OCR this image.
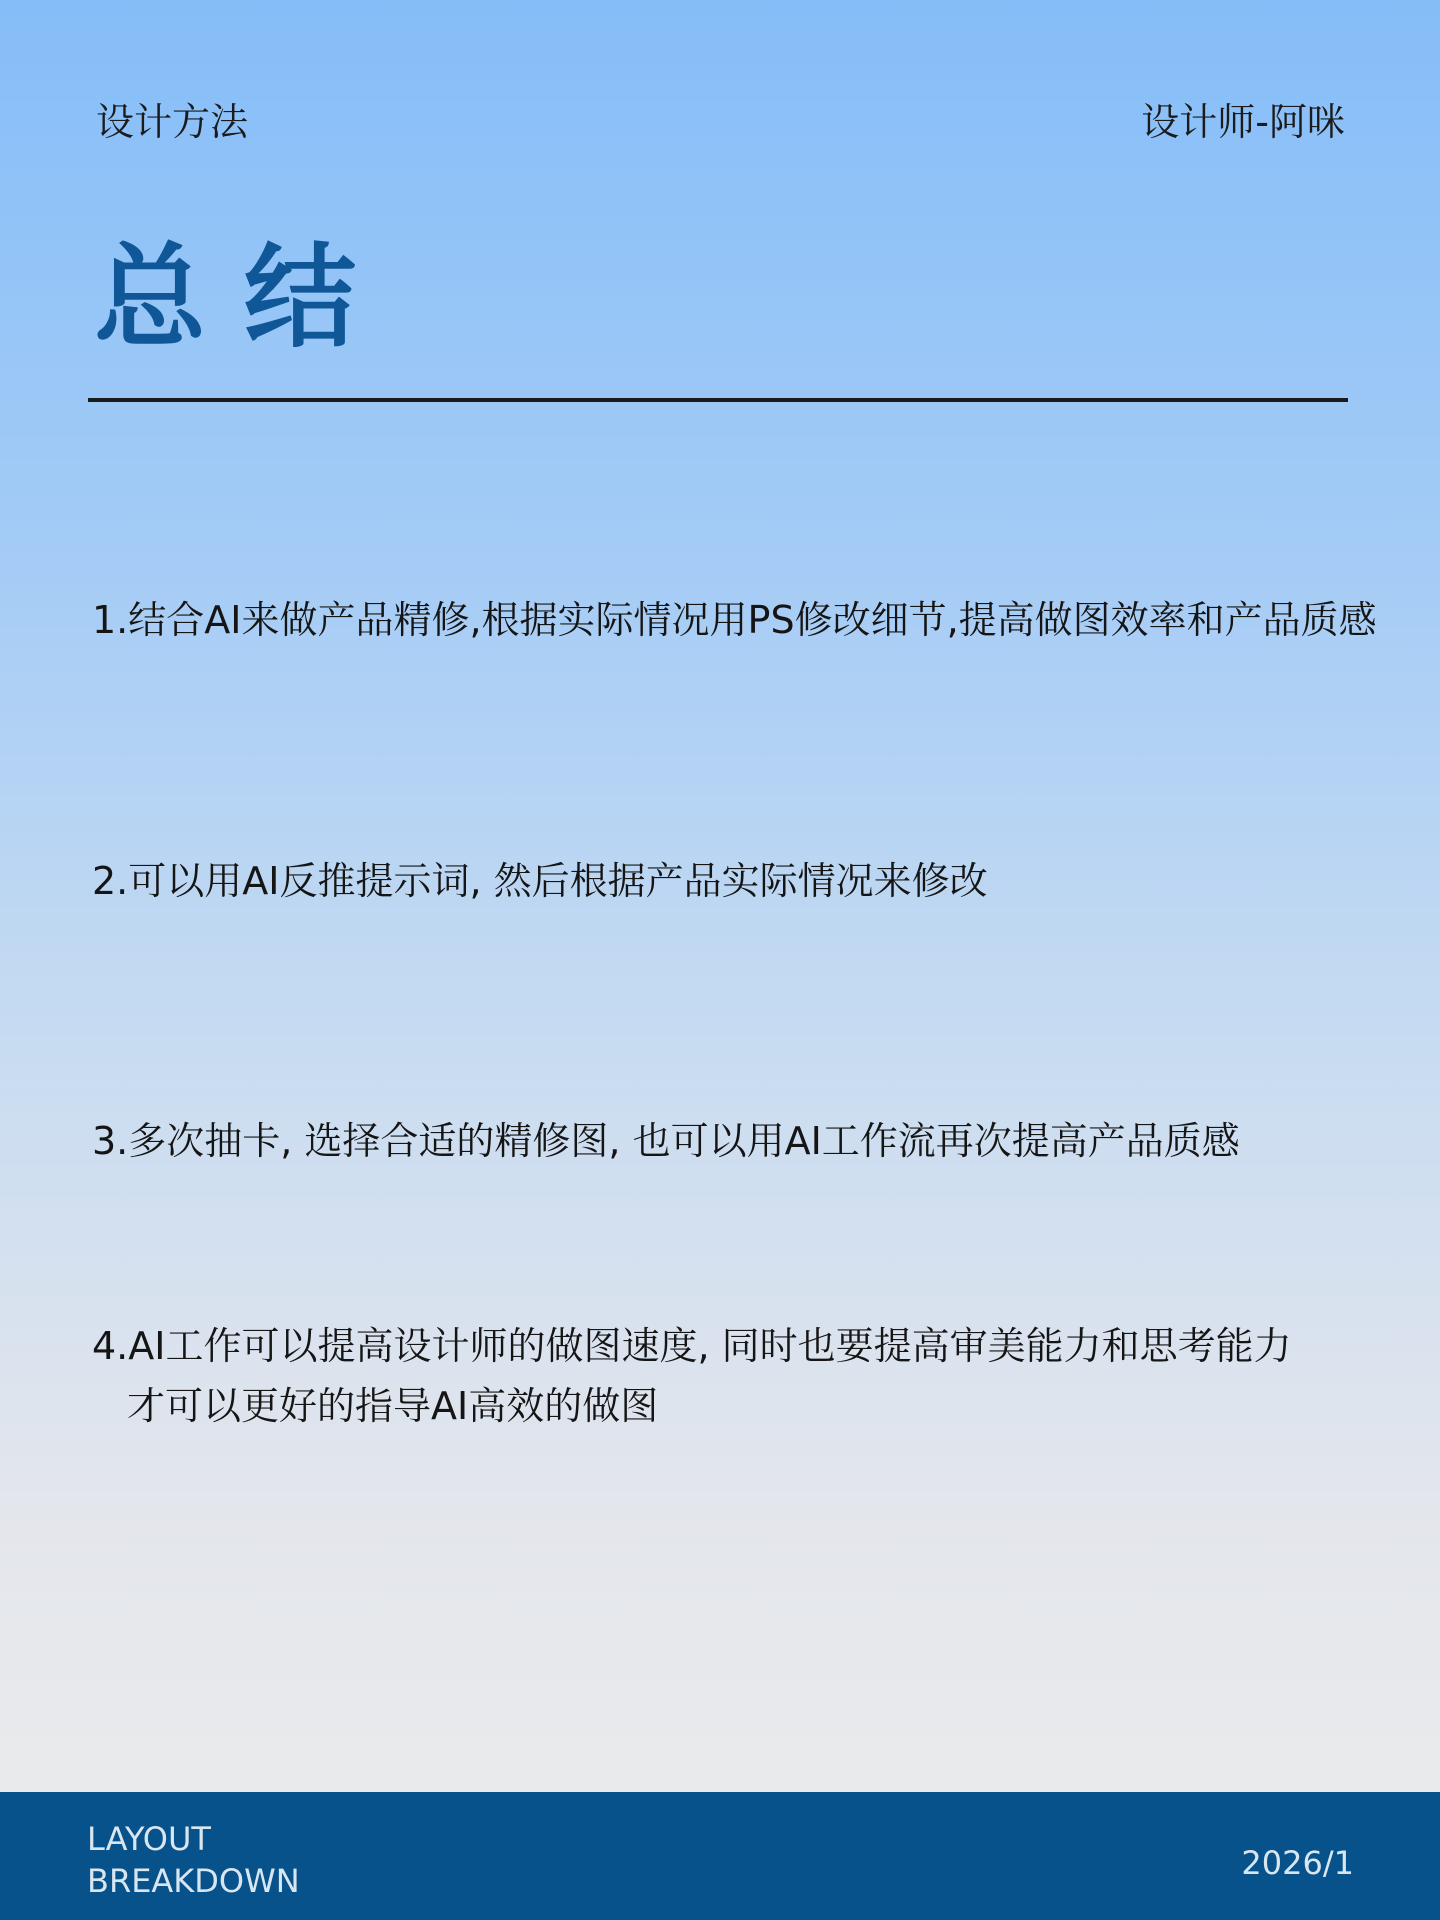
设计方法	设计师-阿咪
总结
1.结合AI来做产品精修,根据实际情况用PS修改细节,提高做图效率和产品质感
2.可以用AI反推提示词, 然后根据产品实际情况来修改
3.多次抽卡, 选择合适的精修图, 也可以用AI工作流再次提高产品质感
4.AI工作可以提高设计师的做图速度, 同时也要提高审美能力和思考能力
才可以更好的指导AI高效的做图
LAYOUT
BREAKDOWN	2026/1
